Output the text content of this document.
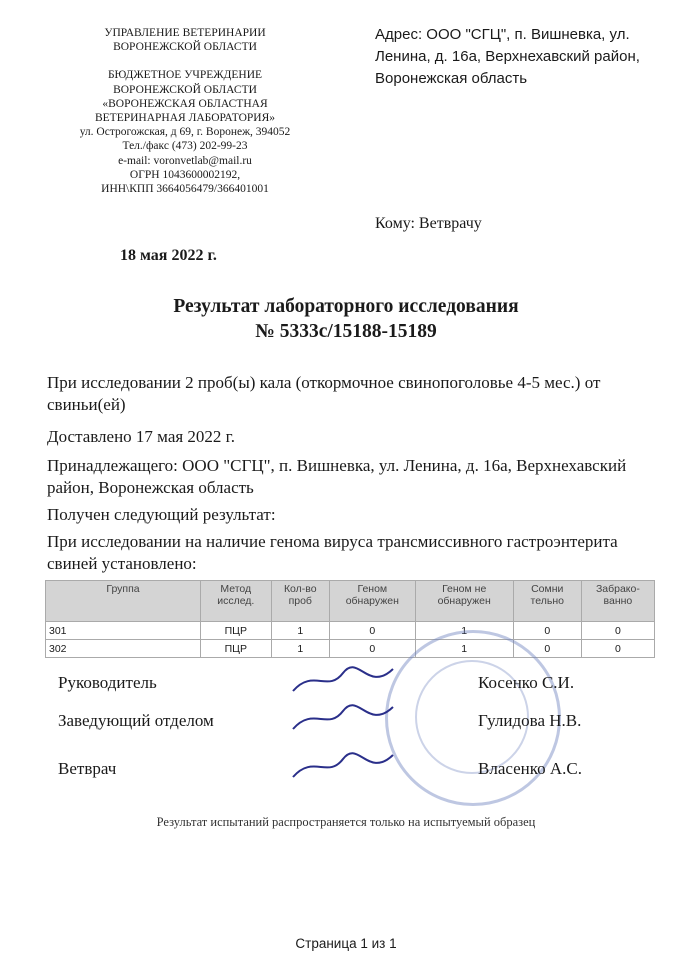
УПРАВЛЕНИЕ ВЕТЕРИНАРИИ
ВОРОНЕЖСКОЙ ОБЛАСТИ
БЮДЖЕТНОЕ УЧРЕЖДЕНИЕ
ВОРОНЕЖСКОЙ ОБЛАСТИ
«ВОРОНЕЖСКАЯ ОБЛАСТНАЯ
ВЕТЕРИНАРНАЯ ЛАБОРАТОРИЯ»
ул. Острогожская, д 69, г. Воронеж, 394052
Тел./факс (473) 202-99-23
e-mail: voronvetlab@mail.ru
ОГРН 1043600002192,
ИНН\КПП 3664056479/366401001
Адрес: ООО "СГЦ", п. Вишневка, ул. Ленина, д. 16а, Верхнехавский район, Воронежская область
Кому: Ветврачу
18 мая 2022 г.
Результат лабораторного исследования
№ 5333с/15188-15189
При исследовании 2 проб(ы) кала (откормочное свинопоголовье 4-5 мес.) от свиньи(ей)
Доставлено 17 мая 2022 г.
Принадлежащего: ООО "СГЦ", п. Вишневка, ул. Ленина, д. 16а, Верхнехавский район, Воронежская область
Получен следующий результат:
При исследовании на наличие генома вируса трансмиссивного гастроэнтерита свиней установлено:
Группа	Метод исслед.	Кол-во проб	Геном обнаружен	Геном не обнаружен	Сомни тельно	Забрако-ванно
301	ПЦР	1	0	1	0	0
302	ПЦР	1	0	1	0	0
Руководитель	Косенко С.И.
Заведующий отделом	Гулидова Н.В.
Ветврач	Власенко А.С.
Результат испытаний распространяется только на испытуемый образец
Страница 1 из 1
